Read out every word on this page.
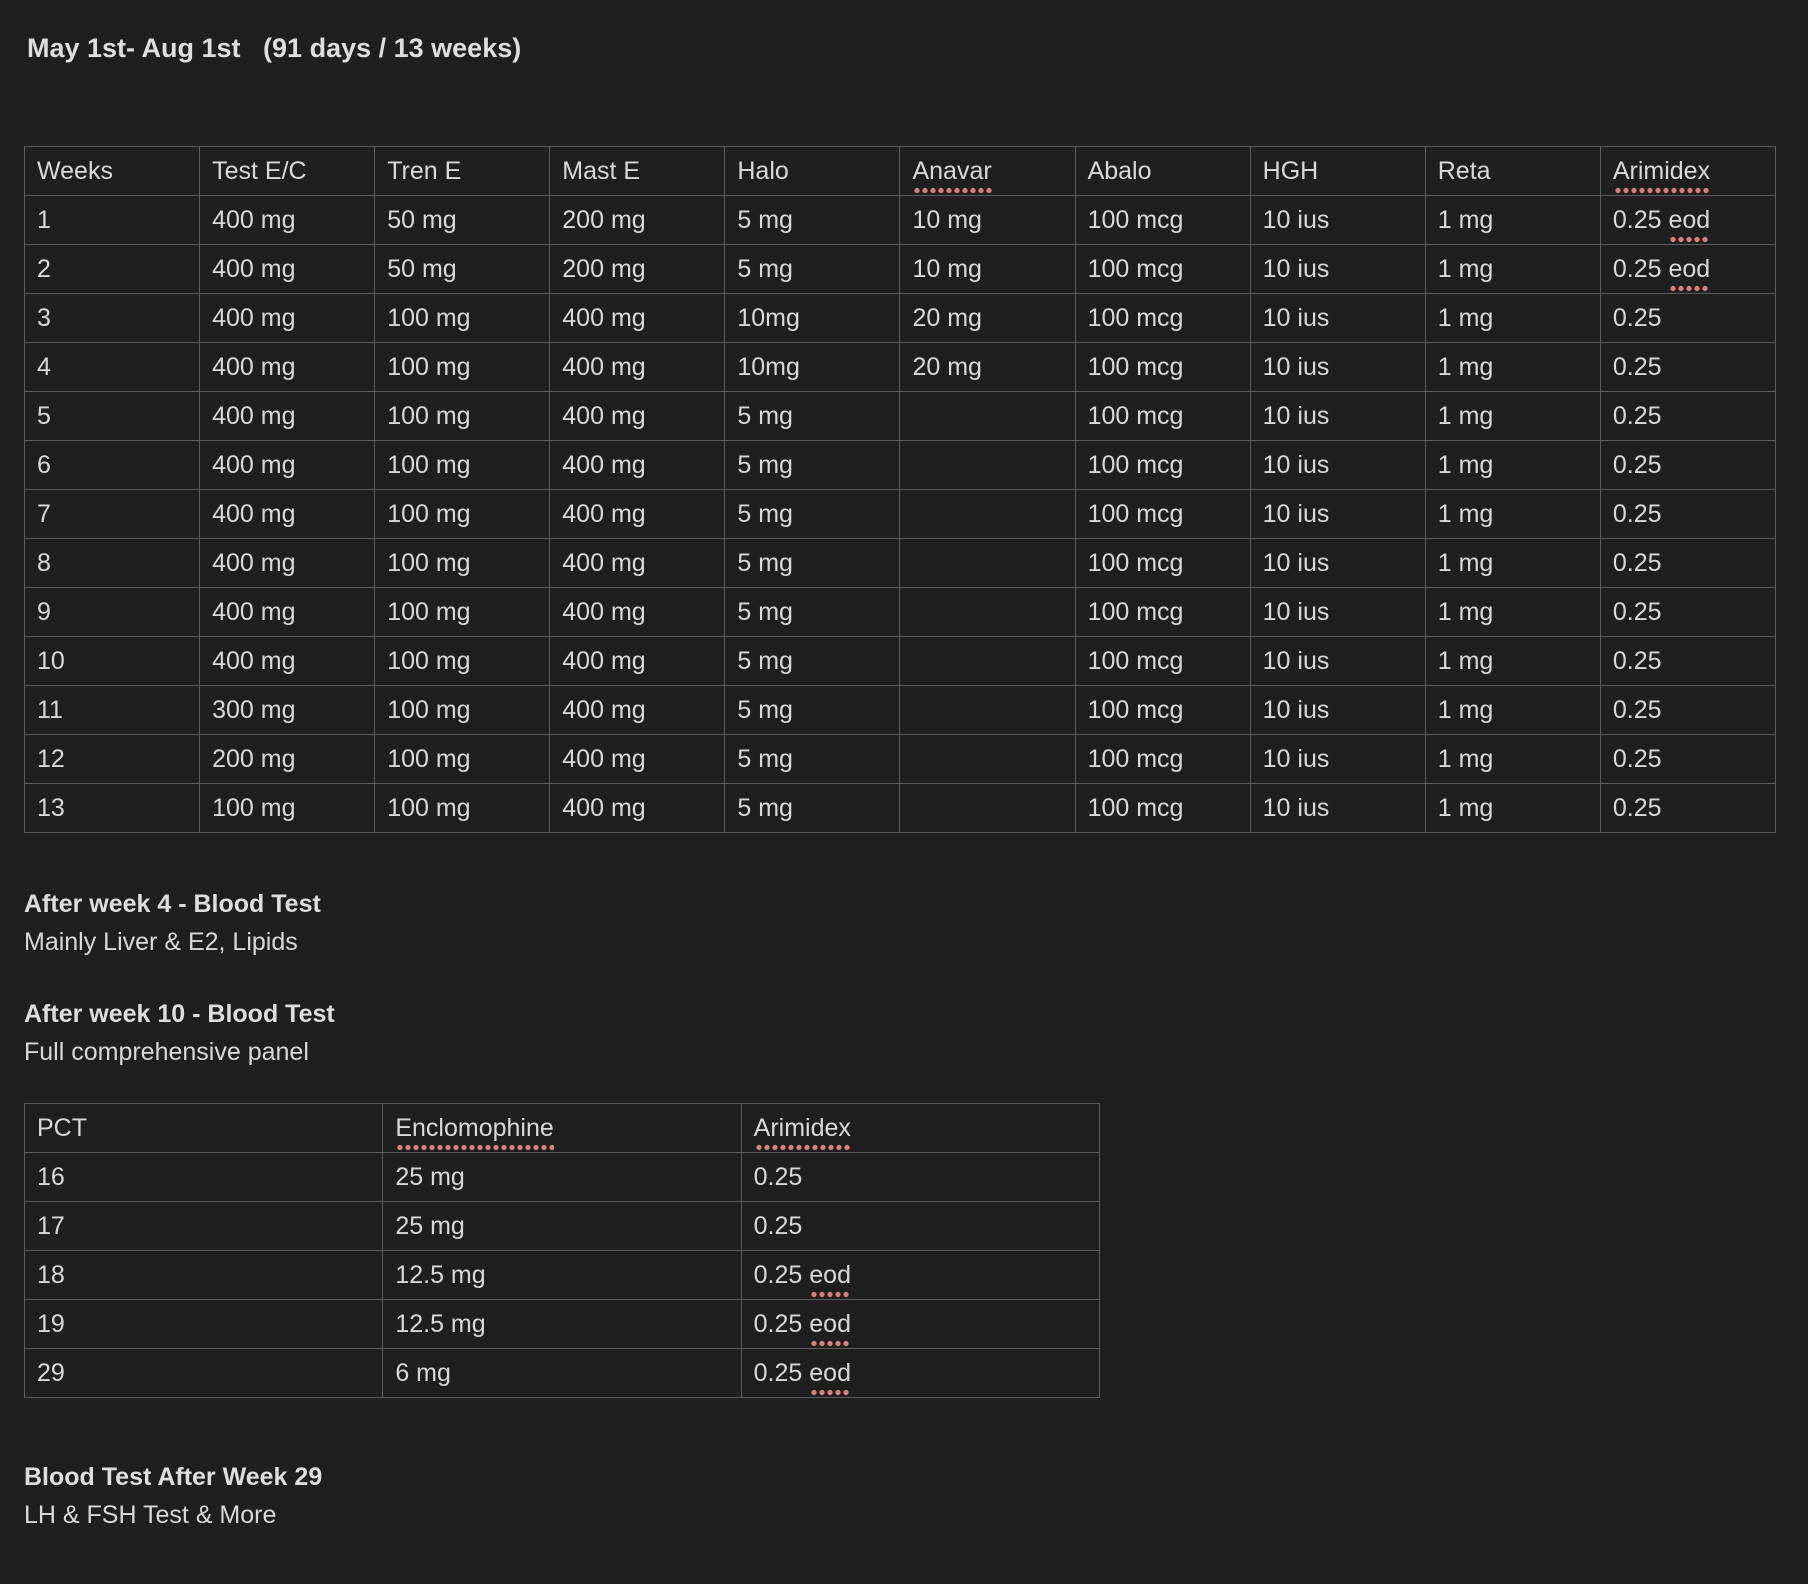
May 1st- Aug 1st   (91 days / 13 weeks)
Weeks	Test E/C	Tren E	Mast E	Halo	Anavar	Abalo	HGH	Reta	Arimidex
1	400 mg	50 mg	200 mg	5 mg	10 mg	100 mcg	10 ius	1 mg	0.25 eod
2	400 mg	50 mg	200 mg	5 mg	10 mg	100 mcg	10 ius	1 mg	0.25 eod
3	400 mg	100 mg	400 mg	10mg	20 mg	100 mcg	10 ius	1 mg	0.25
4	400 mg	100 mg	400 mg	10mg	20 mg	100 mcg	10 ius	1 mg	0.25
5	400 mg	100 mg	400 mg	5 mg		100 mcg	10 ius	1 mg	0.25
6	400 mg	100 mg	400 mg	5 mg		100 mcg	10 ius	1 mg	0.25
7	400 mg	100 mg	400 mg	5 mg		100 mcg	10 ius	1 mg	0.25
8	400 mg	100 mg	400 mg	5 mg		100 mcg	10 ius	1 mg	0.25
9	400 mg	100 mg	400 mg	5 mg		100 mcg	10 ius	1 mg	0.25
10	400 mg	100 mg	400 mg	5 mg		100 mcg	10 ius	1 mg	0.25
11	300 mg	100 mg	400 mg	5 mg		100 mcg	10 ius	1 mg	0.25
12	200 mg	100 mg	400 mg	5 mg		100 mcg	10 ius	1 mg	0.25
13	100 mg	100 mg	400 mg	5 mg		100 mcg	10 ius	1 mg	0.25
After week 4 - Blood Test
Mainly Liver & E2, Lipids
After week 10 - Blood Test
Full comprehensive panel
PCT	Enclomophine	Arimidex
16	25 mg	0.25
17	25 mg	0.25
18	12.5 mg	0.25 eod
19	12.5 mg	0.25 eod
29	6 mg	0.25 eod
Blood Test After Week 29
LH & FSH Test & More
